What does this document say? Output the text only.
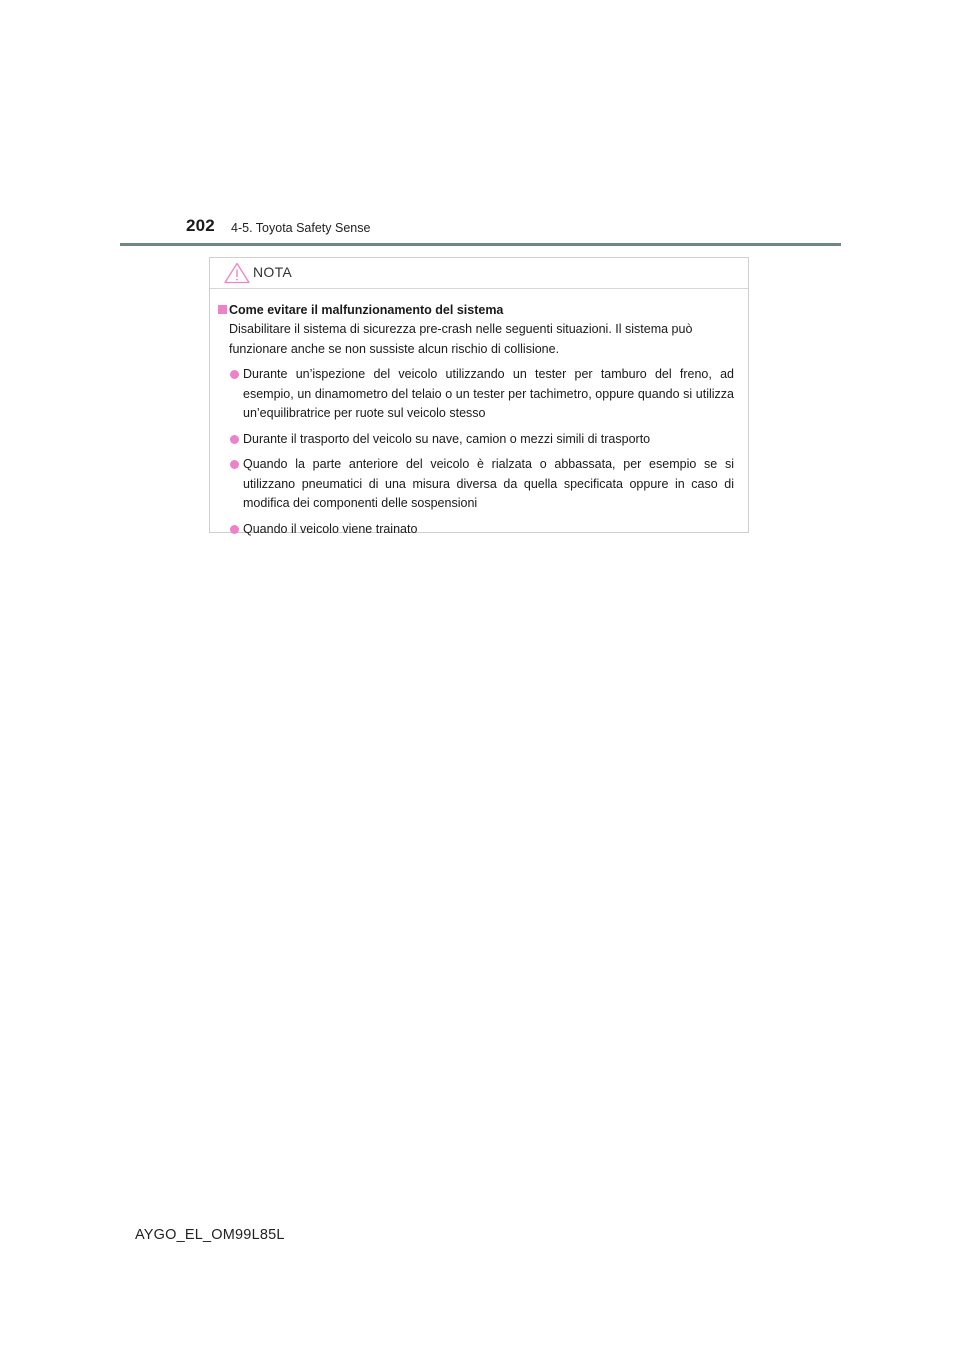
202 4-5. Toyota Safety Sense
NOTA
Come evitare il malfunzionamento del sistema
Disabilitare il sistema di sicurezza pre-crash nelle seguenti situazioni. Il sistema può funzionare anche se non sussiste alcun rischio di collisione.
Durante un’ispezione del veicolo utilizzando un tester per tamburo del freno, ad esempio, un dinamometro del telaio o un tester per tachimetro, oppure quando si utilizza un’equilibratrice per ruote sul veicolo stesso
Durante il trasporto del veicolo su nave, camion o mezzi simili di trasporto
Quando la parte anteriore del veicolo è rialzata o abbassata, per esempio se si utilizzano pneumatici di una misura diversa da quella specificata oppure in caso di modifica dei componenti delle sospensioni
Quando il veicolo viene trainato
AYGO_EL_OM99L85L
